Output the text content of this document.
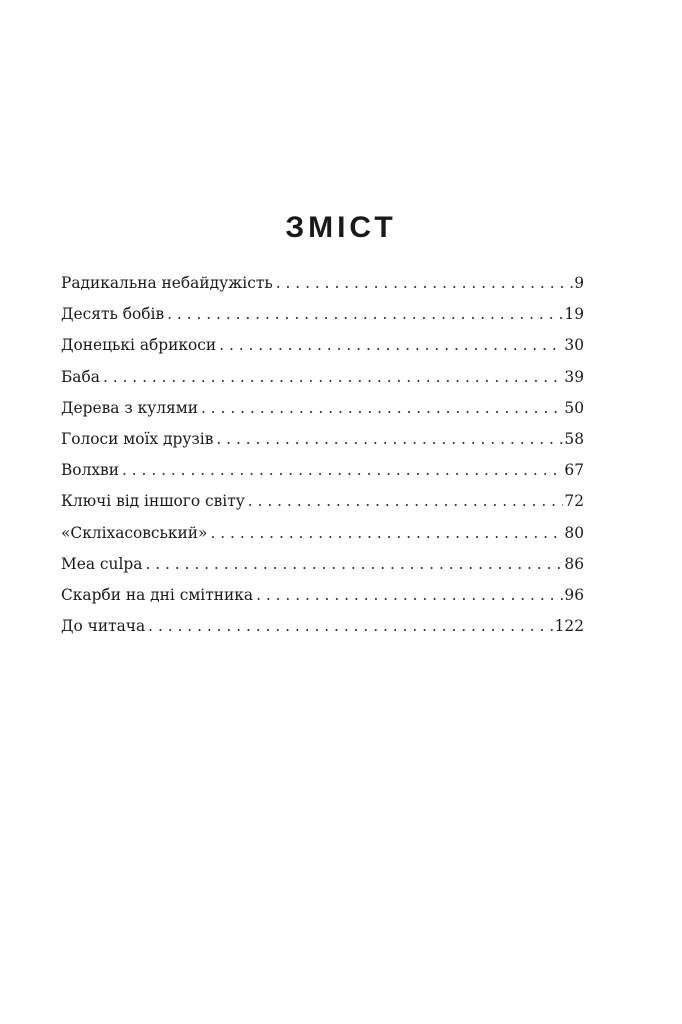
ЗМІСТ
Радикальна небайдужість . . .	9
Десять бобів . . .	19
Донецькі абрикоси . . .	30
Баба . . .	39
Дерева з кулями . . .	50
Голоси моїх друзів . . .	58
Волхви . . .	67
Ключі від іншого світу . . .	72
«Скліхасовський» . . .	80
Mea culpa . . .	86
Скарби на дні смітника . . .	96
До читача . . .	122
